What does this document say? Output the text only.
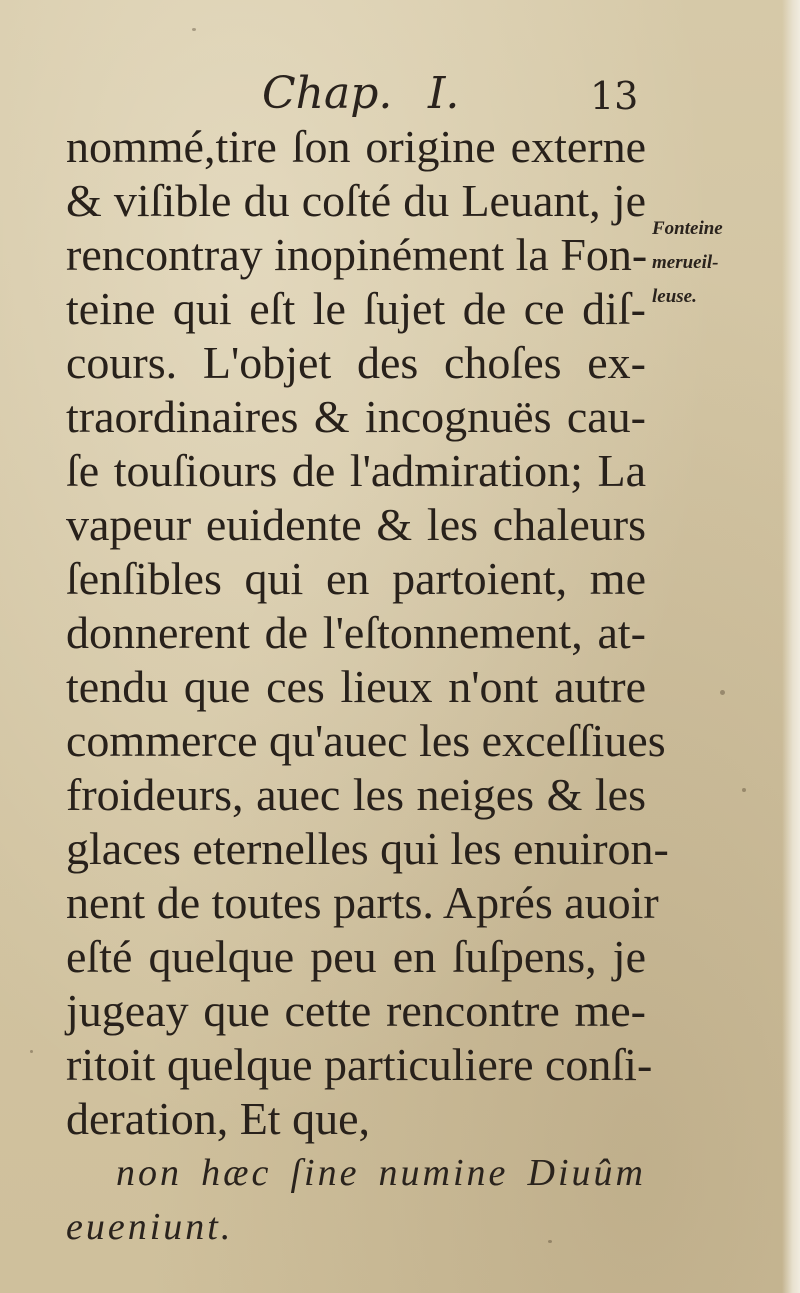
Chap. I.	13
nommé,tire ſon origine externe
& viſible du coſté du Leuant, je
rencontray inopinément la Fon-
teine qui eſt le ſujet de ce diſ-
cours. L'objet des choſes ex-
traordinaires & incognuës cau-
ſe touſiours de l'admiration; La
vapeur euidente & les chaleurs
ſenſibles qui en partoient, me
donnerent de l'eſtonnement, at-
tendu que ces lieux n'ont autre
commerce qu'auec les exceſſiues
froideurs, auec les neiges & les
glaces eternelles qui les enuiron-
nent de toutes parts. Aprés auoir
eſté quelque peu en ſuſpens, je
jugeay que cette rencontre me-
ritoit quelque particuliere conſi-
deration, Et que,
non hæc ſine numine Diuûm
eueniunt.
Fonteine
merueil-
leuse.
